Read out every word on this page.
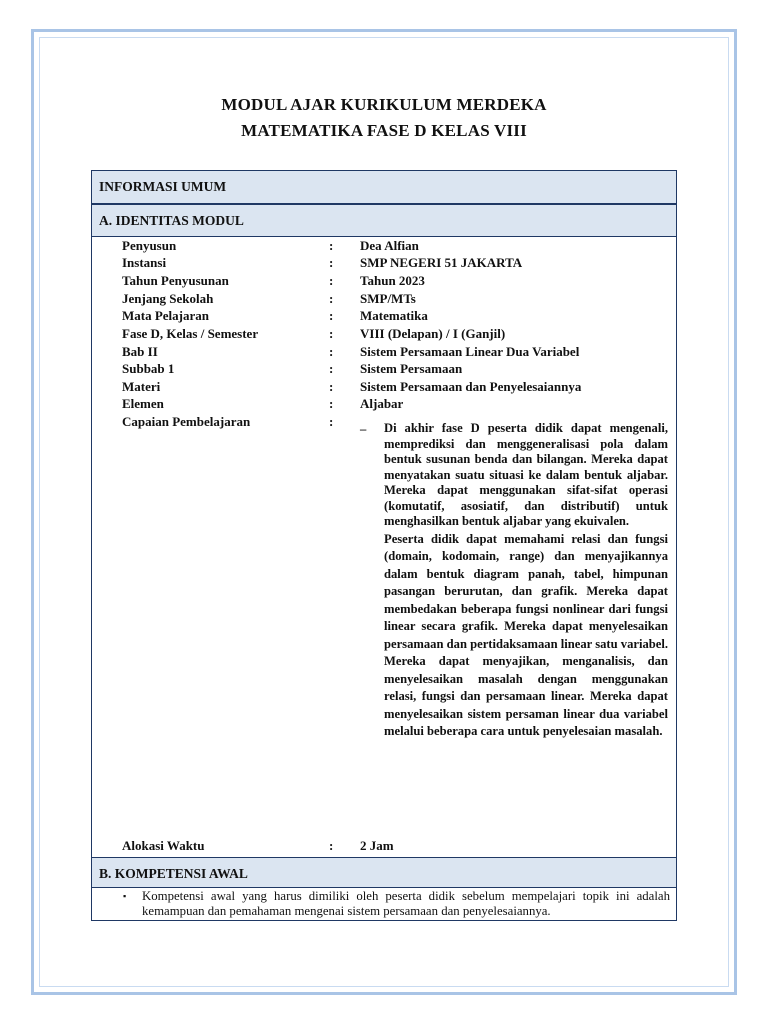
MODUL AJAR KURIKULUM MERDEKA
MATEMATIKA FASE D KELAS VIII
INFORMASI UMUM
A. IDENTITAS MODUL
Penyusun	: Dea Alfian
Instansi	: SMP NEGERI 51 JAKARTA
Tahun Penyusunan	: Tahun 2023
Jenjang Sekolah	: SMP/MTs
Mata Pelajaran	: Matematika
Fase D, Kelas / Semester	: VIII (Delapan) / I (Ganjil)
Bab II	: Sistem Persamaan Linear Dua Variabel
Subbab 1	: Sistem Persamaan
Materi	: Sistem Persamaan dan Penyelesaiannya
Elemen	: Aljabar
Capaian Pembelajaran	: – Di akhir fase D peserta didik dapat mengenali, memprediksi dan menggeneralisasi pola dalam bentuk susunan benda dan bilangan. Mereka dapat menyatakan suatu situasi ke dalam bentuk aljabar. Mereka dapat menggunakan sifat-sifat operasi (komutatif, asosiatif, dan distributif) untuk menghasilkan bentuk aljabar yang ekuivalen.

Peserta didik dapat memahami relasi dan fungsi (domain, kodomain, range) dan menyajikannya dalam bentuk diagram panah, tabel, himpunan pasangan berurutan, dan grafik. Mereka dapat membedakan beberapa fungsi nonlinear dari fungsi linear secara grafik. Mereka dapat menyelesaikan persamaan dan pertidaksamaan linear satu variabel. Mereka dapat menyajikan, menganalisis, dan menyelesaikan masalah dengan menggunakan relasi, fungsi dan persamaan linear. Mereka dapat menyelesaikan sistem persaman linear dua variabel melalui beberapa cara untuk penyelesaian masalah.

Alokasi Waktu	: 2 Jam
B. KOMPETENSI AWAL
▪ Kompetensi awal yang harus dimiliki oleh peserta didik sebelum mempelajari topik ini adalah kemampuan dan pemahaman mengenai sistem persamaan dan penyelesaiannya.
